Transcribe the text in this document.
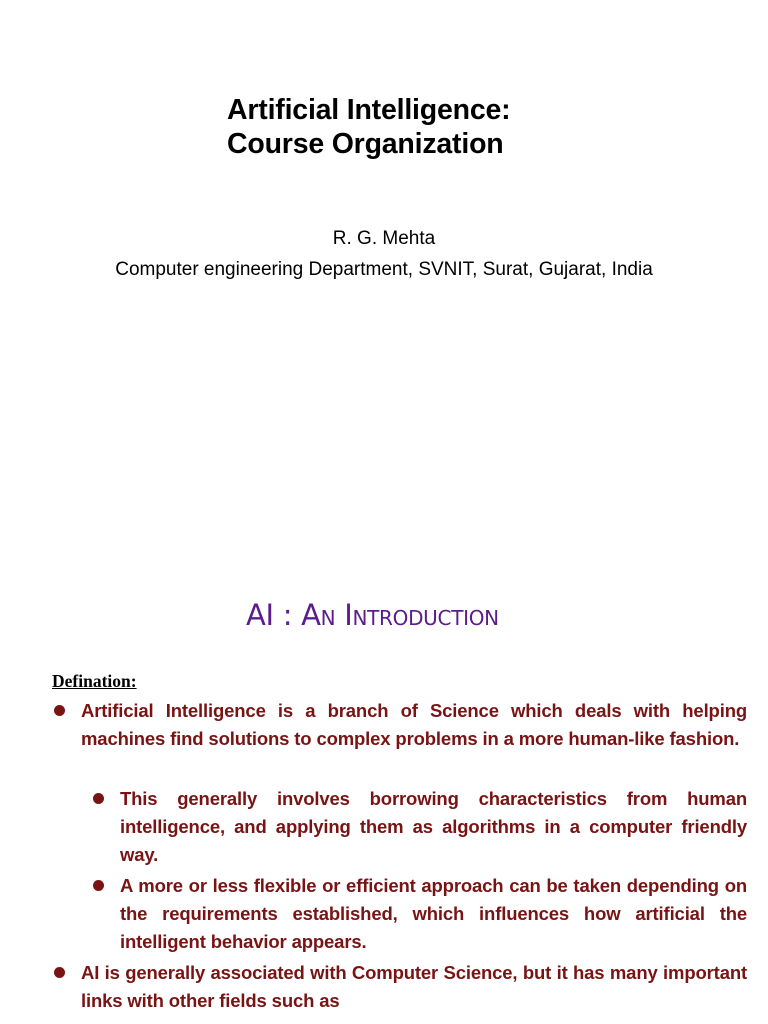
Artificial Intelligence:
Course Organization
R. G. Mehta
Computer engineering Department, SVNIT, Surat, Gujarat, India
AI : An Introduction
Defination:
Artificial Intelligence is a branch of Science which deals with helping machines find solutions to complex problems in a more human-like fashion.
This generally involves borrowing characteristics from human intelligence, and applying them as algorithms in a computer friendly way.
A more or less flexible or efficient approach can be taken depending on the requirements established, which influences how artificial the intelligent behavior appears.
AI is generally associated with Computer Science, but it has many important links with other fields such as
